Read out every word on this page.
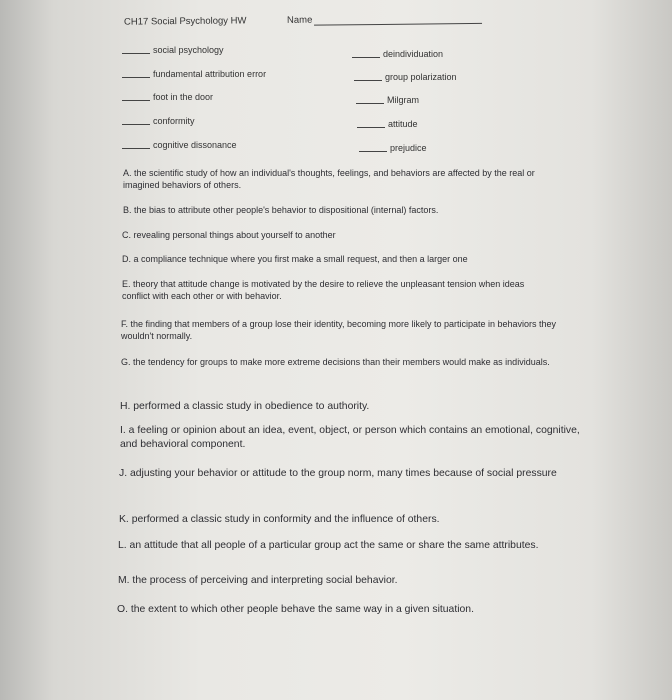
CH17 Social Psychology HW	Name
social psychology
fundamental attribution error
foot in the door
conformity
cognitive dissonance
deindividuation
group polarization
Milgram
attitude
prejudice
A. the scientific study of how an individual's thoughts, feelings, and behaviors are affected by the real or imagined behaviors of others.
B. the bias to attribute other people's behavior to dispositional (internal) factors.
C. revealing personal things about yourself to another
D. a compliance technique where you first make a small request, and then a larger one
E. theory that attitude change is motivated by the desire to relieve the unpleasant tension when ideas conflict with each other or with behavior.
F. the finding that members of a group lose their identity, becoming more likely to participate in behaviors they wouldn't normally.
G. the tendency for groups to make more extreme decisions than their members would make as individuals.
H. performed a classic study in obedience to authority.
I. a feeling or opinion about an idea, event, object, or person which contains an emotional, cognitive, and behavioral component.
J. adjusting your behavior or attitude to the group norm, many times because of social pressure
K. performed a classic study in conformity and the influence of others.
L. an attitude that all people of a particular group act the same or share the same attributes.
M. the process of perceiving and interpreting social behavior.
O. the extent to which other people behave the same way in a given situation.
